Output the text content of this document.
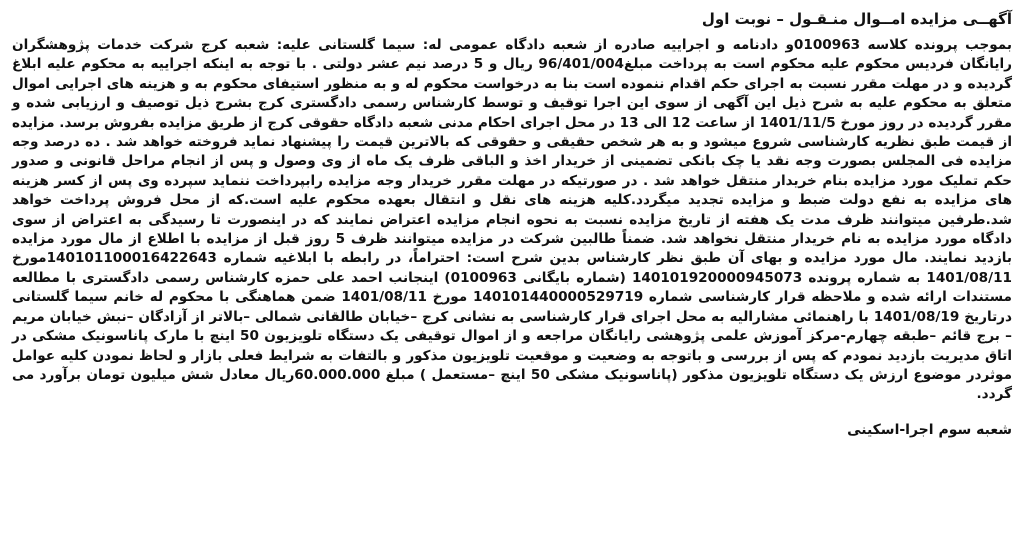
آگهــی مزایده امــوال منـقـول – نوبت اول

بموجب پرونده کلاسه 0100963و دادنامه و اجراییه صادره از شعبه دادگاه عمومی له: سیما گلستانی علیه: شعبه کرج شرکت خدمات پژوهشگران رایانگان فردیس محکوم علیه محکوم است به پرداخت مبلغ96/401/004 ریال و 5 درصد نیم عشر دولتی . با توجه به اینکه اجراییه به محکوم علیه ابلاغ گردیده و در مهلت مقرر نسبت به اجرای حکم اقدام ننموده است بنا به درخواست محکوم له و به منظور استیفای محکوم به و هزینه های اجرایی اموال متعلق به محکوم علیه به شرح ذیل این آگهی از سوی این اجرا توقیف و توسط کارشناس رسمی دادگستری کرج بشرح ذیل توصیف و ارزیابی شده و مقرر گردیده در روز مورخ 1401/11/5 از ساعت 12 الی 13 در محل اجرای احکام مدنی شعبه دادگاه حقوقی کرج از طریق مزایده بفروش برسد. مزایده از قیمت طبق نظریه کارشناسی شروع میشود و به هر شخص حقیقی و حقوقی که بالاترین قیمت را پیشنهاد نماید فروخته خواهد شد . ده درصد وجه مزایده فی المجلس بصورت وجه نقد یا چک بانکی تضمینی از خریدار اخذ و الباقی ظرف یک ماه از وی وصول و پس از انجام مراحل قانونی و صدور حکم تملیک مورد مزایده بنام خریدار منتقل خواهد شد . در صورتیکه در مهلت مقرر خریدار وجه مزایده رابپرداخت ننماید سپرده وی پس از کسر هزینه های مزایده به نفع دولت ضبط و مزایده تجدید میگردد.کلیه هزینه های نقل و انتقال بعهده محکوم علیه است.که از محل فروش پرداخت خواهد شد.طرفین میتوانند ظرف مدت یک هفته از تاریخ مزایده نسبت به نحوه انجام مزایده اعتراض نمایند که در اینصورت تا رسیدگی به اعتراض از سوی دادگاه مورد مزایده به نام خریدار منتقل نخواهد شد. ضمناً طالبین شرکت در مزایده میتوانند ظرف 5 روز قبل از مزایده با اطلاع از مال مورد مزایده بازدید نمایند. مال مورد مزایده و بهای آن طبق نظر کارشناس بدین شرح است: احتراماً، در رابطه با ابلاغیه شماره 140101100016422643مورخ 1401/08/11 به شماره پرونده 140101920000945073 (شماره بایگانی 0100963) اینجانب احمد علی حمزه کارشناس رسمی دادگستری با مطالعه مستندات ارائه شده و ملاحظه قرار کارشناسی شماره 140101440000529719 مورخ 1401/08/11 ضمن هماهنگی با محکوم له خانم سیما گلستانی درتاریخ 1401/08/19 با راهنمائی مشارالیه به محل اجرای قرار کارشناسی به نشانی کرج –خیابان طالقانی شمالی –بالاتر از آزادگان –نبش خیابان مریم – برج قائم –طبقه چهارم-مرکز آموزش علمی پژوهشی رایانگان مراجعه و از اموال توقیفی یک دستگاه تلویزیون 50 اینچ با مارک پاناسونیک مشکی در اتاق مدیریت بازدید نمودم که پس از بررسی و باتوجه به وضعیت و موقعیت تلویزیون مذکور و بالتفات به شرایط فعلی بازار و لحاظ نمودن کلیه عوامل موثردر موضوع ارزش یک دستگاه تلویزیون مذکور (پاناسونیک مشکی 50 اینچ –مستعمل ) مبلغ 60.000.000ریال معادل شش میلیون تومان برآورد می گردد.

شعبه سوم اجرا-اسکینی
